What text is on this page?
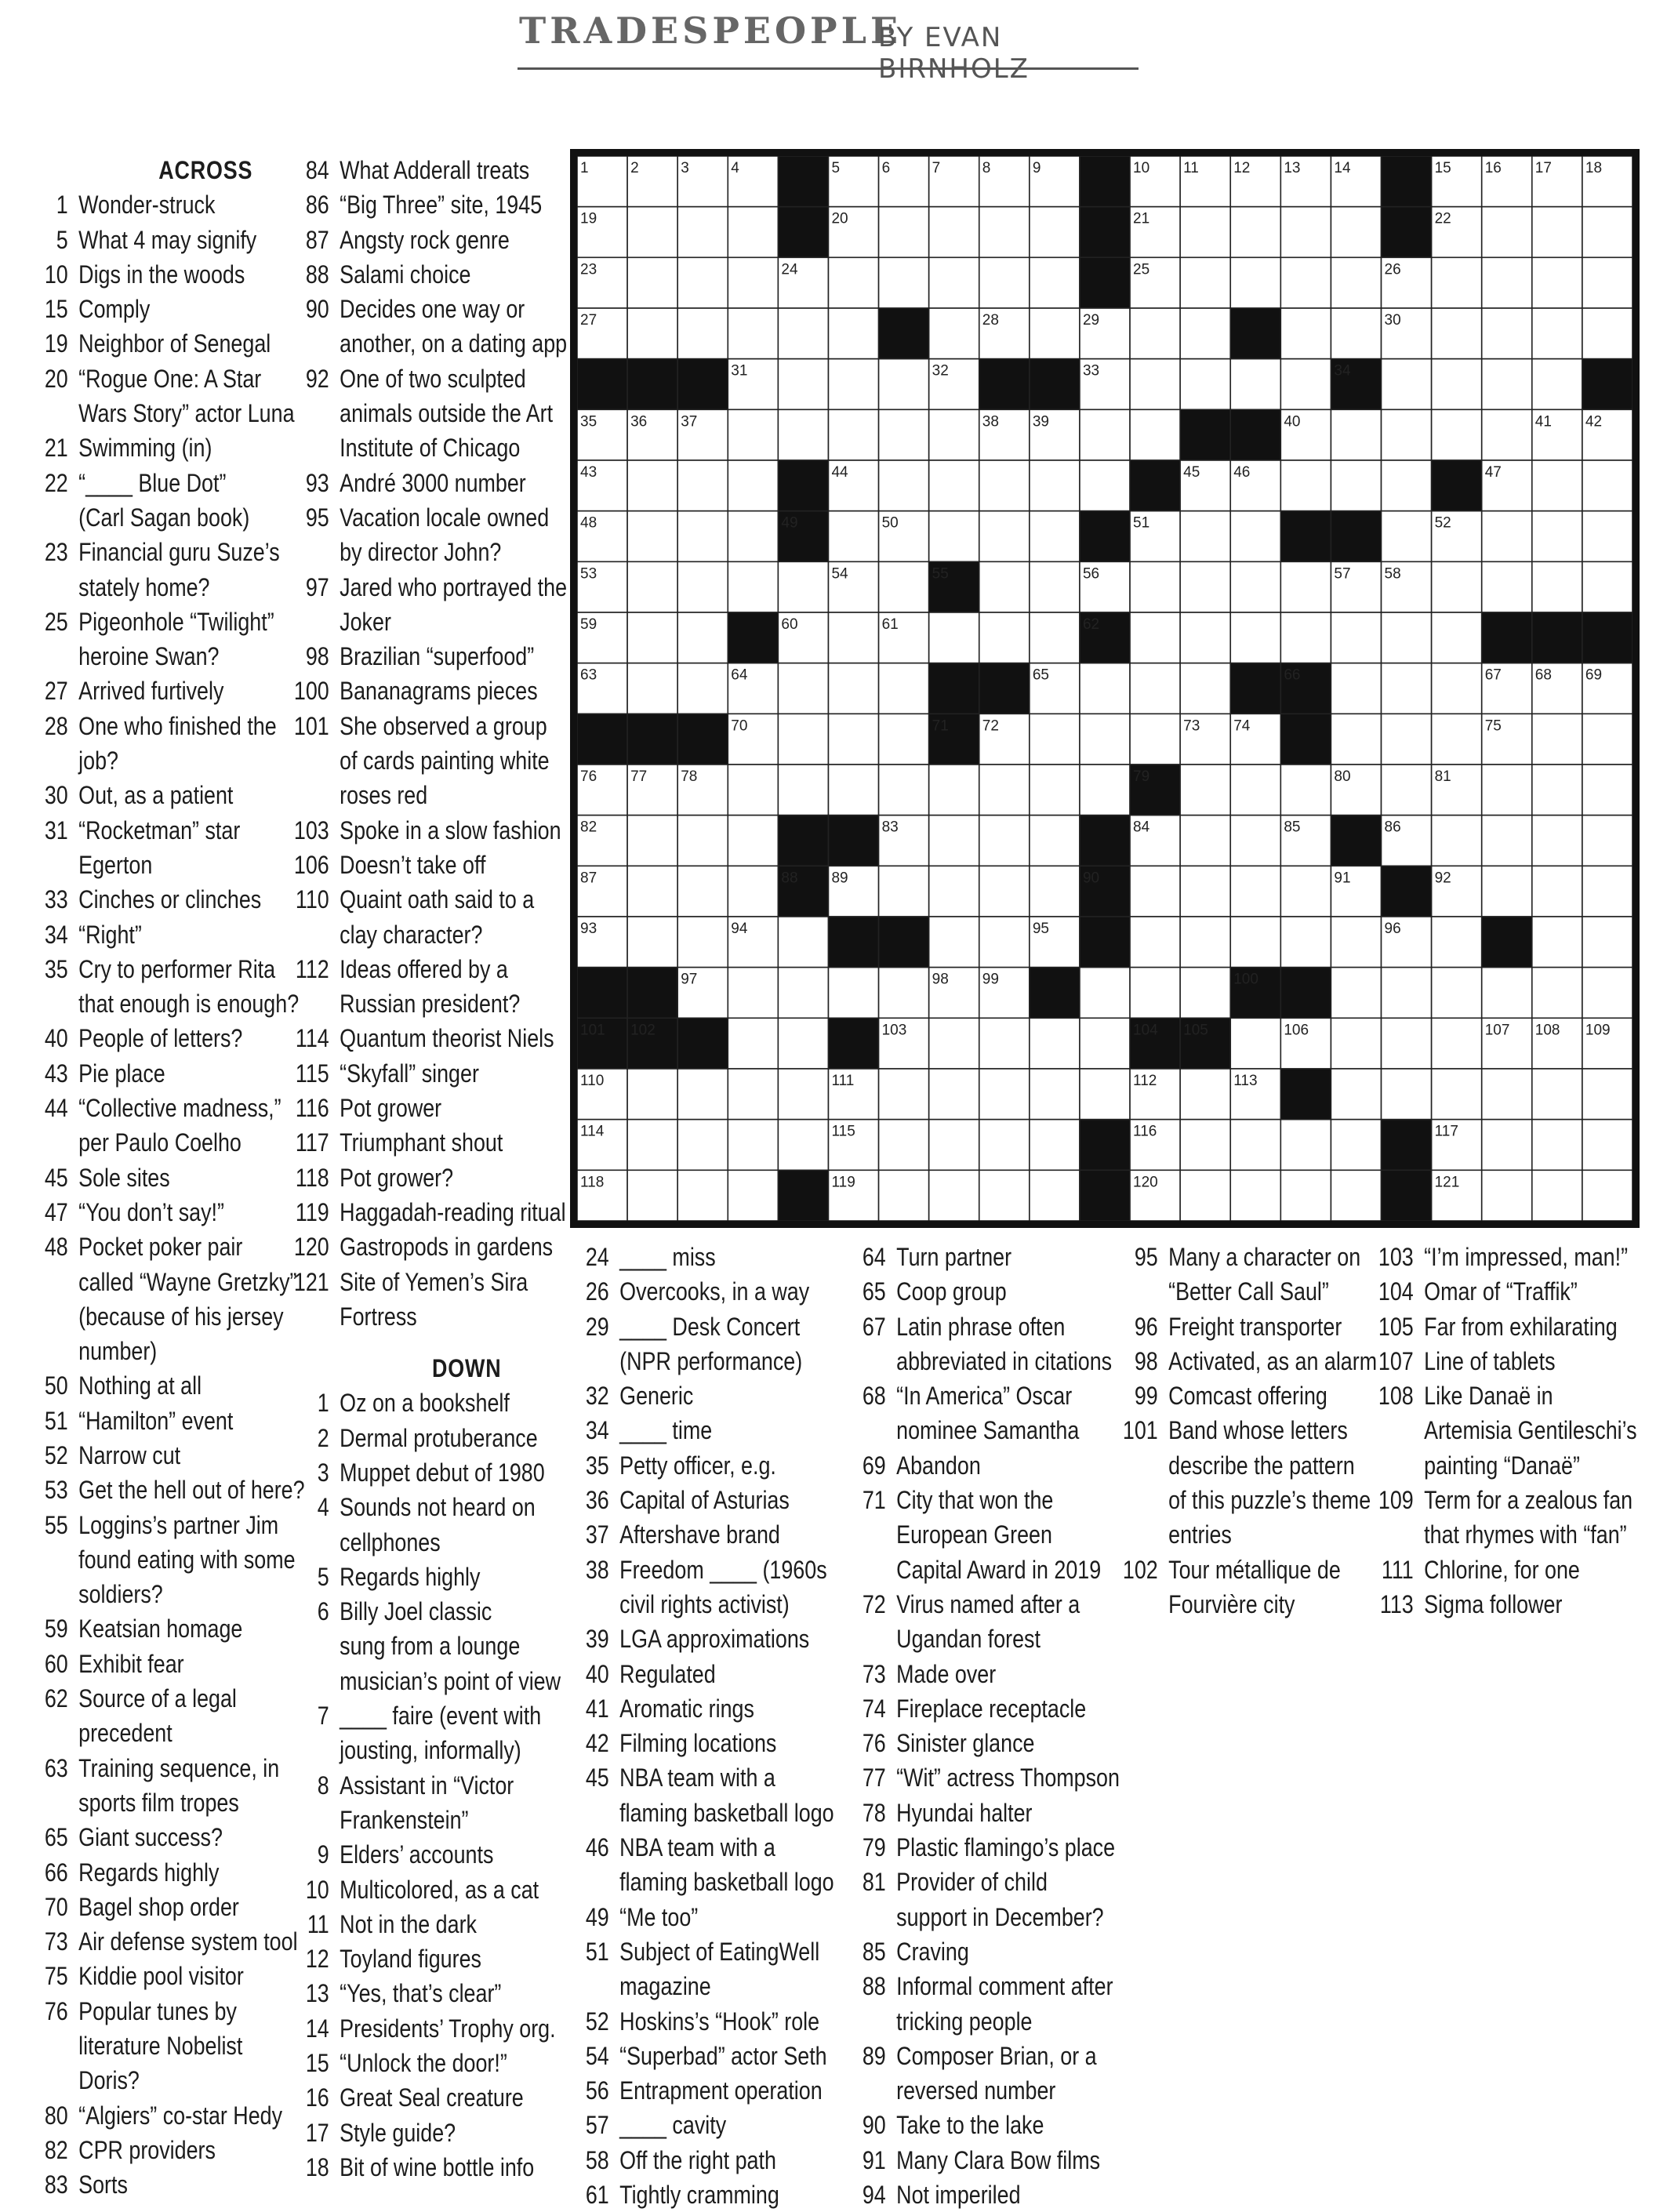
TRADESPEOPLE
BY EVAN BIRNHOLZ
ACROSS
1 Wonder-struck
5 What 4 may signify
10 Digs in the woods
15 Comply
19 Neighbor of Senegal
20 “Rogue One: A Star
Wars Story” actor Luna
21 Swimming (in)
22 “____ Blue Dot”
(Carl Sagan book)
23 Financial guru Suze’s
stately home?
25 Pigeonhole “Twilight”
heroine Swan?
27 Arrived furtively
28 One who finished the
job?
30 Out, as a patient
31 “Rocketman” star
Egerton
33 Cinches or clinches
34 “Right”
35 Cry to performer Rita
that enough is enough?
40 People of letters?
43 Pie place
44 “Collective madness,”
per Paulo Coelho
45 Sole sites
47 “You don’t say!”
48 Pocket poker pair
called “Wayne Gretzky”
(because of his jersey
number)
50 Nothing at all
51 “Hamilton” event
52 Narrow cut
53 Get the hell out of here?
55 Loggins’s partner Jim
found eating with some
soldiers?
59 Keatsian homage
60 Exhibit fear
62 Source of a legal
precedent
63 Training sequence, in
sports film tropes
65 Giant success?
66 Regards highly
70 Bagel shop order
73 Air defense system tool
75 Kiddie pool visitor
76 Popular tunes by
literature Nobelist
Doris?
80 “Algiers” co-star Hedy
82 CPR providers
83 Sorts
84 What Adderall treats
86 “Big Three” site, 1945
87 Angsty rock genre
88 Salami choice
90 Decides one way or
another, on a dating app
92 One of two sculpted
animals outside the Art
Institute of Chicago
93 André 3000 number
95 Vacation locale owned
by director John?
97 Jared who portrayed the
Joker
98 Brazilian “superfood”
100 Bananagrams pieces
101 She observed a group
of cards painting white
roses red
103 Spoke in a slow fashion
106 Doesn’t take off
110 Quaint oath said to a
clay character?
112 Ideas offered by a
Russian president?
114 Quantum theorist Niels
115 “Skyfall” singer
116 Pot grower
117 Triumphant shout
118 Pot grower?
119 Haggadah-reading ritual
120 Gastropods in gardens
121 Site of Yemen’s Sira
Fortress
DOWN
1 Oz on a bookshelf
2 Dermal protuberance
3 Muppet debut of 1980
4 Sounds not heard on
cellphones
5 Regards highly
6 Billy Joel classic
sung from a lounge
musician’s point of view
7 ____ faire (event with
jousting, informally)
8 Assistant in “Victor
Frankenstein”
9 Elders’ accounts
10 Multicolored, as a cat
11 Not in the dark
12 Toyland figures
13 “Yes, that’s clear”
14 Presidents’ Trophy org.
15 “Unlock the door!”
16 Great Seal creature
17 Style guide?
18 Bit of wine bottle info
24 ____ miss
26 Overcooks, in a way
29 ____ Desk Concert
(NPR performance)
32 Generic
34 ____ time
35 Petty officer, e.g.
36 Capital of Asturias
37 Aftershave brand
38 Freedom ____ (1960s
civil rights activist)
39 LGA approximations
40 Regulated
41 Aromatic rings
42 Filming locations
45 NBA team with a
flaming basketball logo
46 NBA team with a
flaming basketball logo
49 “Me too”
51 Subject of EatingWell
magazine
52 Hoskins’s “Hook” role
54 “Superbad” actor Seth
56 Entrapment operation
57 ____ cavity
58 Off the right path
61 Tightly cramming
64 Turn partner
65 Coop group
67 Latin phrase often
abbreviated in citations
68 “In America” Oscar
nominee Samantha
69 Abandon
71 City that won the
European Green
Capital Award in 2019
72 Virus named after a
Ugandan forest
73 Made over
74 Fireplace receptacle
76 Sinister glance
77 “Wit” actress Thompson
78 Hyundai halter
79 Plastic flamingo’s place
81 Provider of child
support in December?
85 Craving
88 Informal comment after
tricking people
89 Composer Brian, or a
reversed number
90 Take to the lake
91 Many Clara Bow films
94 Not imperiled
95 Many a character on
“Better Call Saul”
96 Freight transporter
98 Activated, as an alarm
99 Comcast offering
101 Band whose letters
describe the pattern
of this puzzle’s theme
entries
102 Tour métallique de
Fourvière city
103 “I’m impressed, man!”
104 Omar of “Traffik”
105 Far from exhilarating
107 Line of tablets
108 Like Danaë in
Artemisia Gentileschi’s
painting “Danaë”
109 Term for a zealous fan
that rhymes with “fan”
111 Chlorine, for one
113 Sigma follower
1	2	3	4	5	6	7	8	9	10 11 12 13 14	15 16 17 18
19	20	21	22
23	24	25	26
27	28	29	30
31	32	33	34
35 36 37	38 39	40	41 42
43	44	45 46	47
48	49	50	51	52
53	54	55	56	57 58
59	60	61	62
63	64	65	66	67 68 69
70	71 72	73 74	75
76 77 78	79	80	81
82	83	84	85	86
87	88 89	90	91	92
93	94	95	96
97	98 99	100
101 102	103	104 105	106	107 108 109
110	111	112	113
114	115	116	117
118	119	120	121
